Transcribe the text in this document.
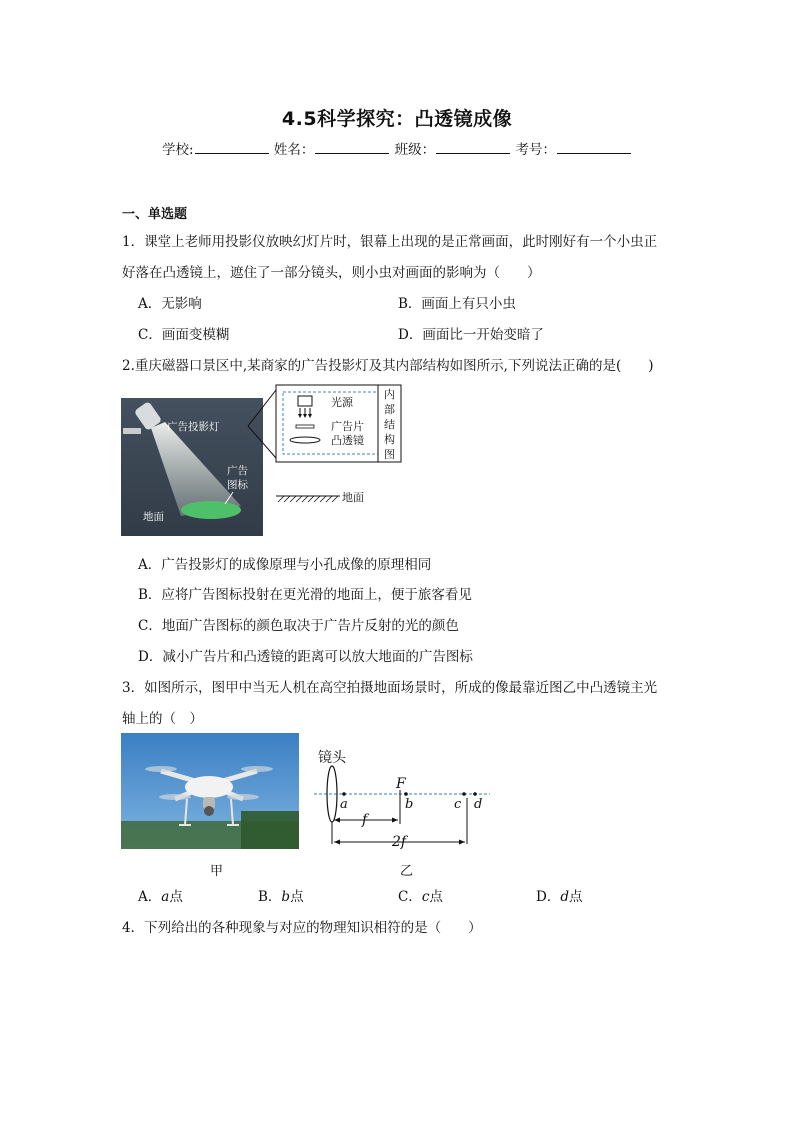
4.5科学探究：凸透镜成像
学校:	姓名：	班级：	考号：
一、单选题
1．课堂上老师用投影仪放映幻灯片时，银幕上出现的是正常画面，此时刚好有一个小虫正
好落在凸透镜上，遮住了一部分镜头，则小虫对画面的影响为（　　）
A．无影响	B．画面上有只小虫
C．画面变模糊	D．画面比一开始变暗了
2.重庆磁器口景区中,某商家的广告投影灯及其内部结构如图所示,下列说法正确的是(　　)
广告投影灯
广告
图标
地面
光源
广告片
凸透镜
内
部
结
构
图
地面
A．广告投影灯的成像原理与小孔成像的原理相同
B．应将广告图标投射在更光滑的地面上，便于旅客看见
C．地面广告图标的颜色取决于广告片反射的光的颜色
D．减小广告片和凸透镜的距离可以放大地面的广告图标
3．如图所示，图甲中当无人机在高空拍摄地面场景时，所成的像最靠近图乙中凸透镜主光
轴上的（　）
甲
镜头
F
a	b	c d
f
2f
乙
A．a点	B．b点	C．c点	D．d点
4．下列给出的各种现象与对应的物理知识相符的是（　　）
